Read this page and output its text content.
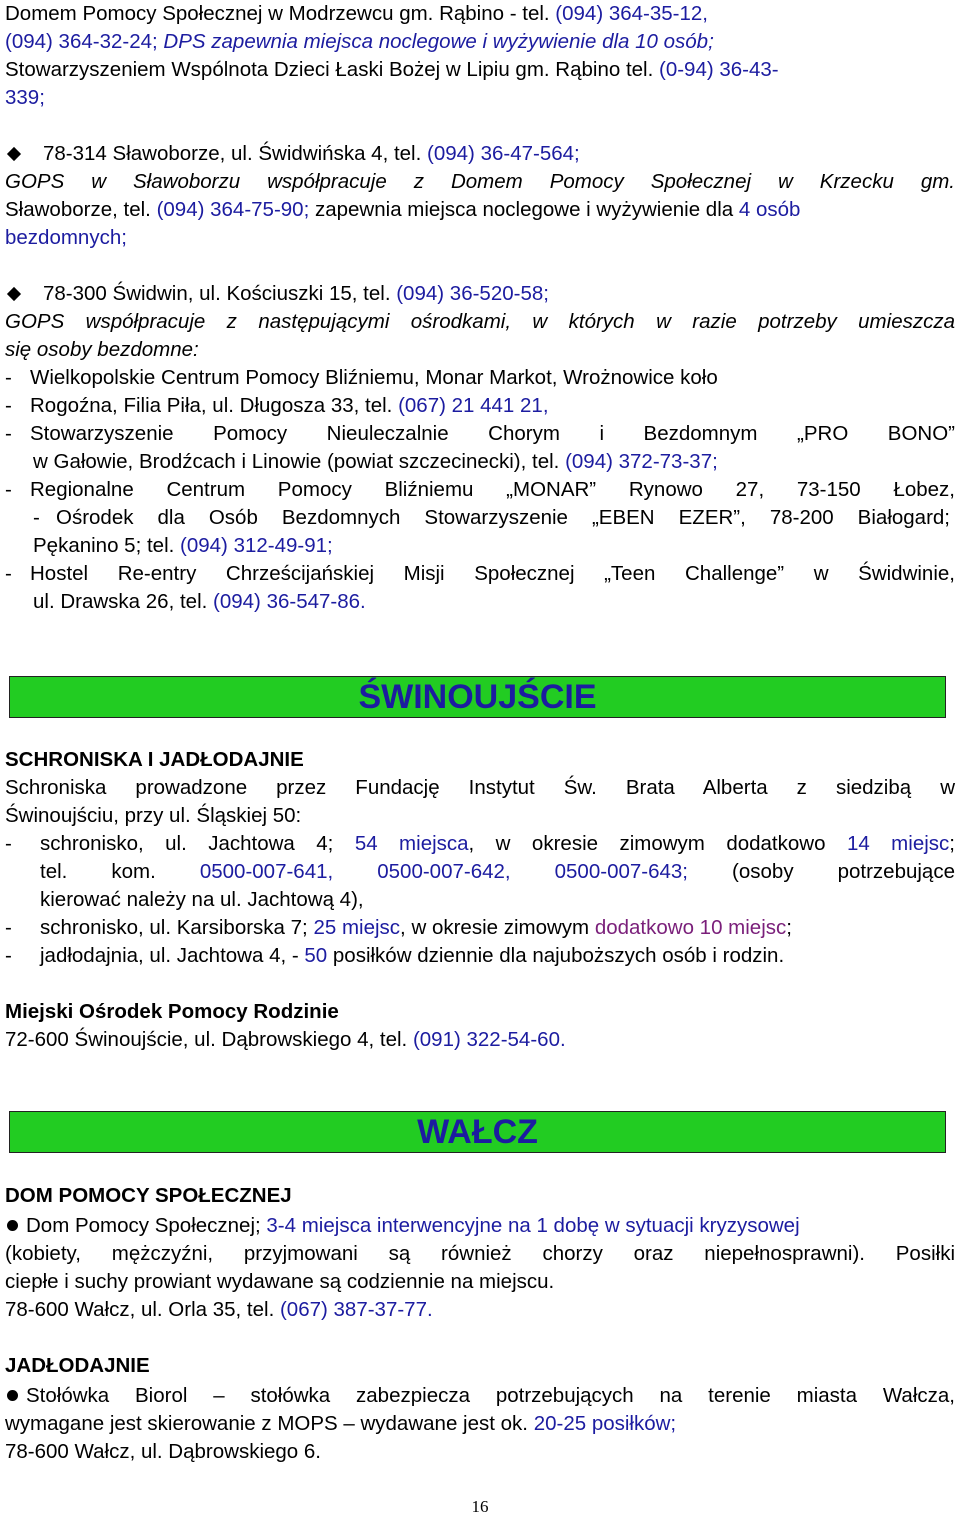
Domem Pomocy Społecznej w Modrzewcu gm. Rąbino - tel. (094) 364-35-12,
(094) 364-32-24; DPS zapewnia miejsca noclegowe i wyżywienie dla 10 osób;
Stowarzyszeniem Wspólnota Dzieci Łaski Bożej w Lipiu gm. Rąbino tel. (0-94) 36-43-
339;
78-314 Sławoborze, ul. Świdwińska 4, tel. (094) 36-47-564;
GOPS w Sławoborzu współpracuje z Domem Pomocy Społecznej w Krzecku gm.
Sławoborze, tel. (094) 364-75-90; zapewnia miejsca noclegowe i wyżywienie dla 4 osób
bezdomnych;
78-300 Świdwin, ul. Kościuszki 15, tel. (094) 36-520-58;
GOPS współpracuje z następującymi ośrodkami, w których w razie potrzeby umieszcza
się osoby bezdomne:
- Wielkopolskie Centrum Pomocy Bliźniemu, Monar Markot, Wrożnowice koło
- Rogoźna, Filia Piła, ul. Długosza 33, tel. (067) 21 441 21,
- Stowarzyszenie Pomocy Nieuleczalnie Chorym i Bezdomnym „PRO BONO”
w Gałowie, Brodźcach i Linowie (powiat szczecinecki), tel. (094) 372-73-37;
- Regionalne Centrum Pomocy Bliźniemu „MONAR” Rynowo 27, 73-150 Łobez,
- Ośrodek dla Osób Bezdomnych Stowarzyszenie „EBEN EZER”, 78-200 Białogard;
Pękanino 5; tel. (094) 312-49-91;
- Hostel Re-entry Chrześcijańskiej Misji Społecznej „Teen Challenge” w Świdwinie,
ul. Drawska 26, tel. (094) 36-547-86.
ŚWINOUJŚCIE
SCHRONISKA I JADŁODAJNIE
Schroniska prowadzone przez Fundację Instytut Św. Brata Alberta z siedzibą w
Świnoujściu, przy ul. Śląskiej 50:
- schronisko, ul. Jachtowa 4; 54 miejsca, w okresie zimowym dodatkowo 14 miejsc;
tel. kom. 0500-007-641, 0500-007-642, 0500-007-643; (osoby potrzebujące
kierować należy na ul. Jachtową 4),
- schronisko, ul. Karsiborska 7; 25 miejsc, w okresie zimowym dodatkowo 10 miejsc;
- jadłodajnia, ul. Jachtowa 4, - 50 posiłków dziennie dla najuboższych osób i rodzin.
Miejski Ośrodek Pomocy Rodzinie
72-600 Świnoujście, ul. Dąbrowskiego 4, tel. (091) 322-54-60.
WAŁCZ
DOM POMOCY SPOŁECZNEJ
Dom Pomocy Społecznej; 3-4 miejsca interwencyjne na 1 dobę w sytuacji kryzysowej
(kobiety, mężczyźni, przyjmowani są również chorzy oraz niepełnosprawni). Posiłki
ciepłe i suchy prowiant wydawane są codziennie na miejscu.
78-600 Wałcz, ul. Orla 35, tel. (067) 387-37-77.
JADŁODAJNIE
Stołówka Biorol – stołówka zabezpiecza potrzebujących na terenie miasta Wałcza,
wymagane jest skierowanie z MOPS – wydawane jest ok. 20-25 posiłków;
78-600 Wałcz, ul. Dąbrowskiego 6.
16
